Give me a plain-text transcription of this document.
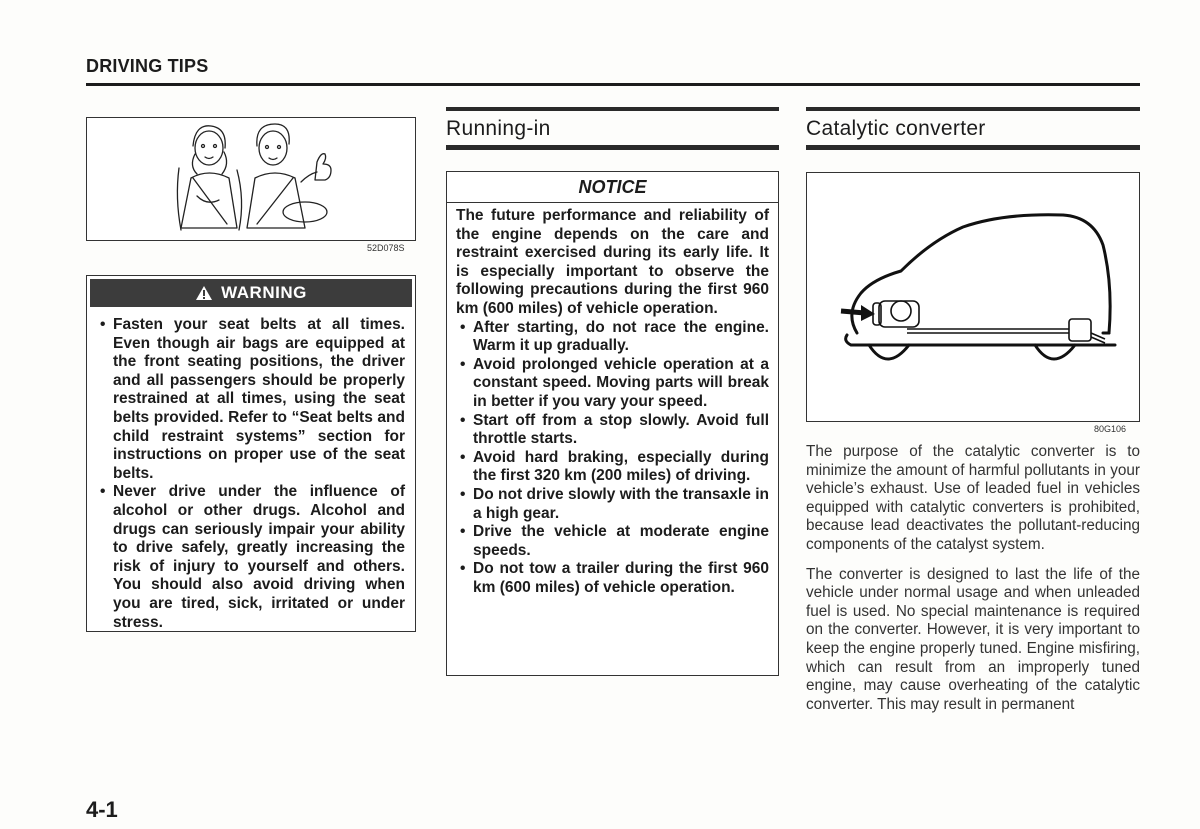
DRIVING TIPS
52D078S
WARNING
• Fasten your seat belts at all times. Even though air bags are equipped at the front seating positions, the driver and all passengers should be properly restrained at all times, using the seat belts provided. Refer to “Seat belts and child restraint systems” section for instructions on proper use of the seat belts.
• Never drive under the influence of alcohol or other drugs. Alcohol and drugs can seriously impair your ability to drive safely, greatly increasing the risk of injury to yourself and others. You should also avoid driving when you are tired, sick, irritated or under stress.
Running-in
NOTICE
The future performance and reliability of the engine depends on the care and restraint exercised during its early life. It is especially important to observe the following precautions during the first 960 km (600 miles) of vehicle operation.
• After starting, do not race the engine. Warm it up gradually.
• Avoid prolonged vehicle operation at a constant speed. Moving parts will break in better if you vary your speed.
• Start off from a stop slowly. Avoid full throttle starts.
• Avoid hard braking, especially during the first 320 km (200 miles) of driving.
• Do not drive slowly with the transaxle in a high gear.
• Drive the vehicle at moderate engine speeds.
• Do not tow a trailer during the first 960 km (600 miles) of vehicle operation.
Catalytic converter
80G106

The purpose of the catalytic converter is to minimize the amount of harmful pollutants in your vehicle’s exhaust. Use of leaded fuel in vehicles equipped with catalytic converters is prohibited, because lead deactivates the pollutant-reducing components of the catalyst system.

The converter is designed to last the life of the vehicle under normal usage and when unleaded fuel is used. No special maintenance is required on the converter. However, it is very important to keep the engine properly tuned. Engine misfiring, which can result from an improperly tuned engine, may cause overheating of the catalytic converter. This may result in permanent

4-1
